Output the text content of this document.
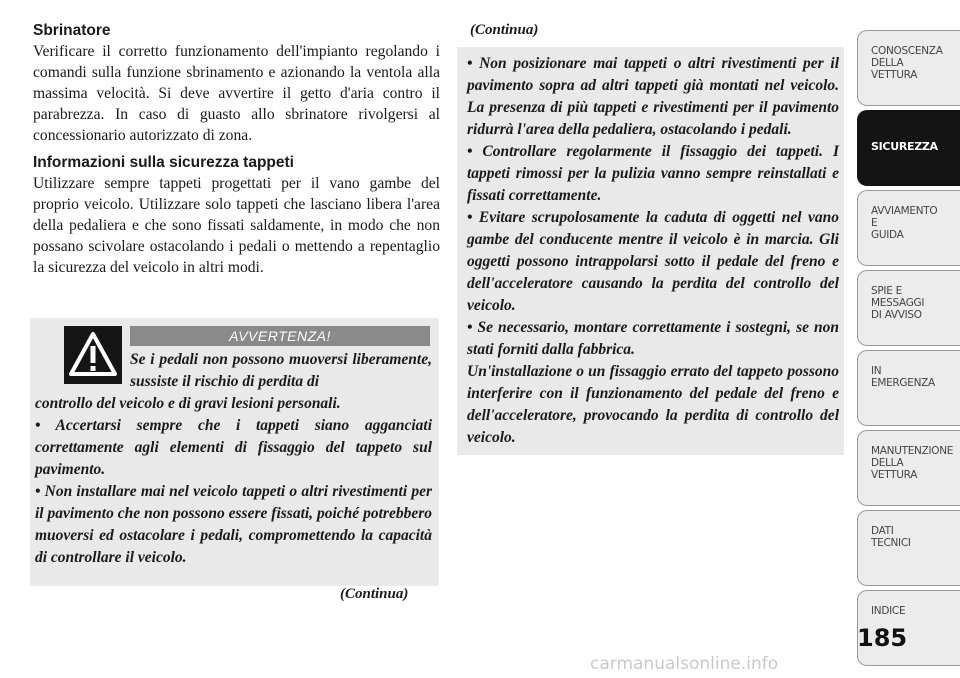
Sbrinatore

Verificare il corretto funzionamento dell'impianto regolando i comandi sulla funzione sbrinamento e azionando la ventola alla massima velocità. Si deve avvertire il getto d'aria contro il parabrezza. In caso di guasto allo sbrinatore rivolgersi al concessionario autorizzato di zona.

Informazioni sulla sicurezza tappeti

Utilizzare sempre tappeti progettati per il vano gambe del proprio veicolo. Utilizzare solo tappeti che lasciano libera l'area della pedaliera e che sono fissati saldamente, in modo che non possano scivolare ostacolando i pedali o mettendo a repentaglio la sicurezza del veicolo in altri modi.

AVVERTENZA!

Se i pedali non possono muoversi liberamente, sussiste il rischio di perdita di

controllo del veicolo e di gravi lesioni personali.
• Accertarsi sempre che i tappeti siano agganciati correttamente agli elementi di fissaggio del tappeto sul pavimento.
• Non installare mai nel veicolo tappeti o altri rivestimenti per il pavimento che non possono essere fissati, poiché potrebbero muoversi ed ostacolare i pedali, compromettendo la capacità di controllare il veicolo.

(Continua)
(Continua)

• Non posizionare mai tappeti o altri rivestimenti per il pavimento sopra ad altri tappeti già montati nel veicolo. La presenza di più tappeti e rivestimenti per il pavimento ridurrà l'area della pedaliera, ostacolando i pedali.
• Controllare regolarmente il fissaggio dei tappeti. I tappeti rimossi per la pulizia vanno sempre reinstallati e fissati correttamente.
• Evitare scrupolosamente la caduta di oggetti nel vano gambe del conducente mentre il veicolo è in marcia. Gli oggetti possono intrappolarsi sotto il pedale del freno e dell'acceleratore causando la perdita del controllo del veicolo.
• Se necessario, montare correttamente i sostegni, se non stati forniti dalla fabbrica.
Un'installazione o un fissaggio errato del tappeto possono interferire con il funzionamento del pedale del freno e dell'acceleratore, provocando la perdita di controllo del veicolo.

CONOSCENZA
DELLA
VETTURA
SICUREZZA
AVVIAMENTO
E
GUIDA
SPIE E
MESSAGGI
DI AVVISO
IN
EMERGENZA
MANUTENZIONE
DELLA
VETTURA
DATI
TECNICI
INDICE
185
carmanualsonline.info
